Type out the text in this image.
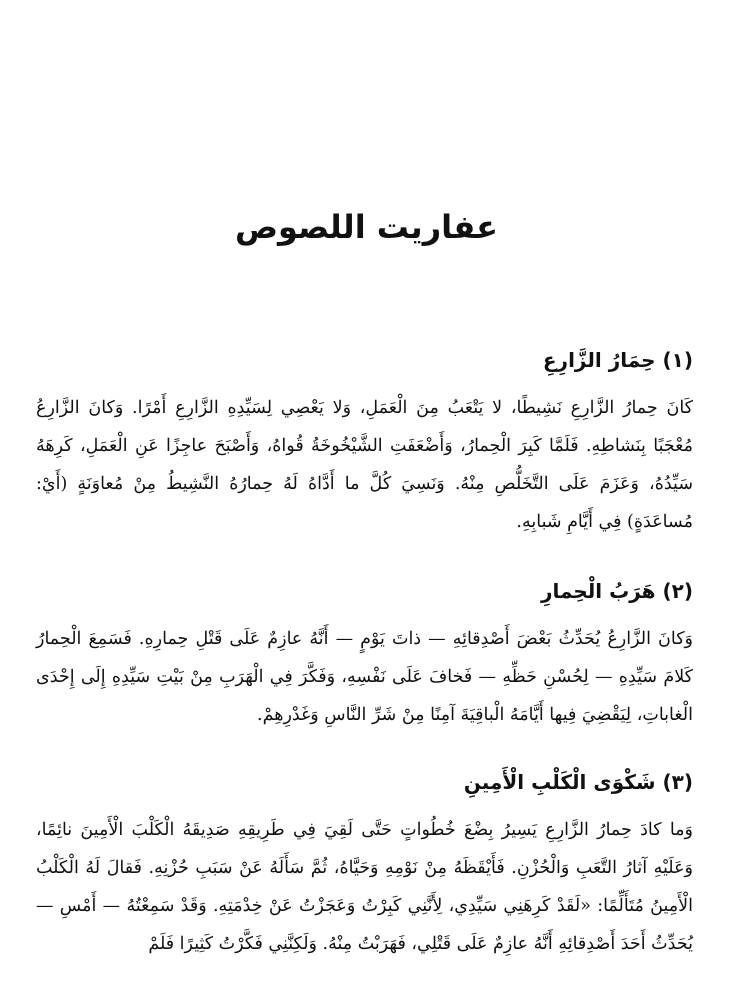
عفاريت اللصوص
(١) حِمَارُ الزَّارِعِ

كَانَ حِمارُ الزَّارِعِ نَشِيطًا، لا يَتْعَبُ مِنَ الْعَمَلِ، وَلا يَعْصِي لِسَيِّدِهِ الزَّارِعِ أَمْرًا. وَكانَ الزَّارِعُ مُعْجَبًا بِنَشاطِهِ. فَلَمَّا كَبِرَ الْحِمارُ، وَأَضْعَفَتِ الشَّيْخُوخَةُ قُواهُ، وَأَصْبَحَ عاجِزًا عَنِ الْعَمَلِ، كَرِهَهُ سَيِّدُهُ، وَعَزَمَ عَلَى التَّخَلُّصِ مِنْهُ. وَنَسِيَ كُلَّ ما أَدَّاهُ لَهُ حِمارُهُ النَّشِيطُ مِنْ مُعاوَنَةٍ (أَيْ: مُساعَدَةٍ) فِي أَيَّامِ شَبابِهِ.

(٢) هَرَبُ الْحِمارِ

وَكانَ الزَّارِعُ يُحَدِّثُ بَعْضَ أَصْدِقائِهِ — ذاتَ يَوْمٍ — أَنَّهُ عازِمٌ عَلَى قَتْلِ حِمارِهِ. فَسَمِعَ الْحِمارُ كَلامَ سَيِّدِهِ — لِحُسْنِ حَظِّهِ — فَخافَ عَلَى نَفْسِهِ، وَفَكَّرَ فِي الْهَرَبِ مِنْ بَيْتِ سَيِّدِهِ إِلَى إِحْدَى الْغاباتِ، لِيَقْضِيَ فِيها أَيَّامَهُ الْباقِيَةَ آمِنًا مِنْ شَرِّ النَّاسِ وَغَدْرِهِمْ.

(٣) شَكْوَى الْكَلْبِ الْأَمِينِ

وَما كادَ حِمارُ الزَّارِعِ يَسِيرُ بِضْعَ خُطُواتٍ حَتَّى لَقِيَ فِي طَرِيقِهِ صَدِيقَهُ الْكَلْبَ الْأَمِينَ نائِمًا، وَعَلَيْهِ آثارُ التَّعَبِ وَالْحُزْنِ. فَأَيْقَظَهُ مِنْ نَوْمِهِ وَحَيَّاهُ، ثُمَّ سَأَلَهُ عَنْ سَبَبِ حُزْنِهِ. فَقالَ لَهُ الْكَلْبُ الْأَمِينُ مُتَأَلِّمًا: «لَقَدْ كَرِهَنِي سَيِّدِي، لِأَنَّنِي كَبِرْتُ وَعَجَزْتُ عَنْ خِدْمَتِهِ. وَقَدْ سَمِعْتُهُ — أَمْسِ — يُحَدِّثُ أَحَدَ أَصْدِقائِهِ أَنَّهُ عازِمٌ عَلَى قَتْلِي، فَهَرَبْتُ مِنْهُ. وَلَكِنَّنِي فَكَّرْتُ كَثِيرًا فَلَمْ
